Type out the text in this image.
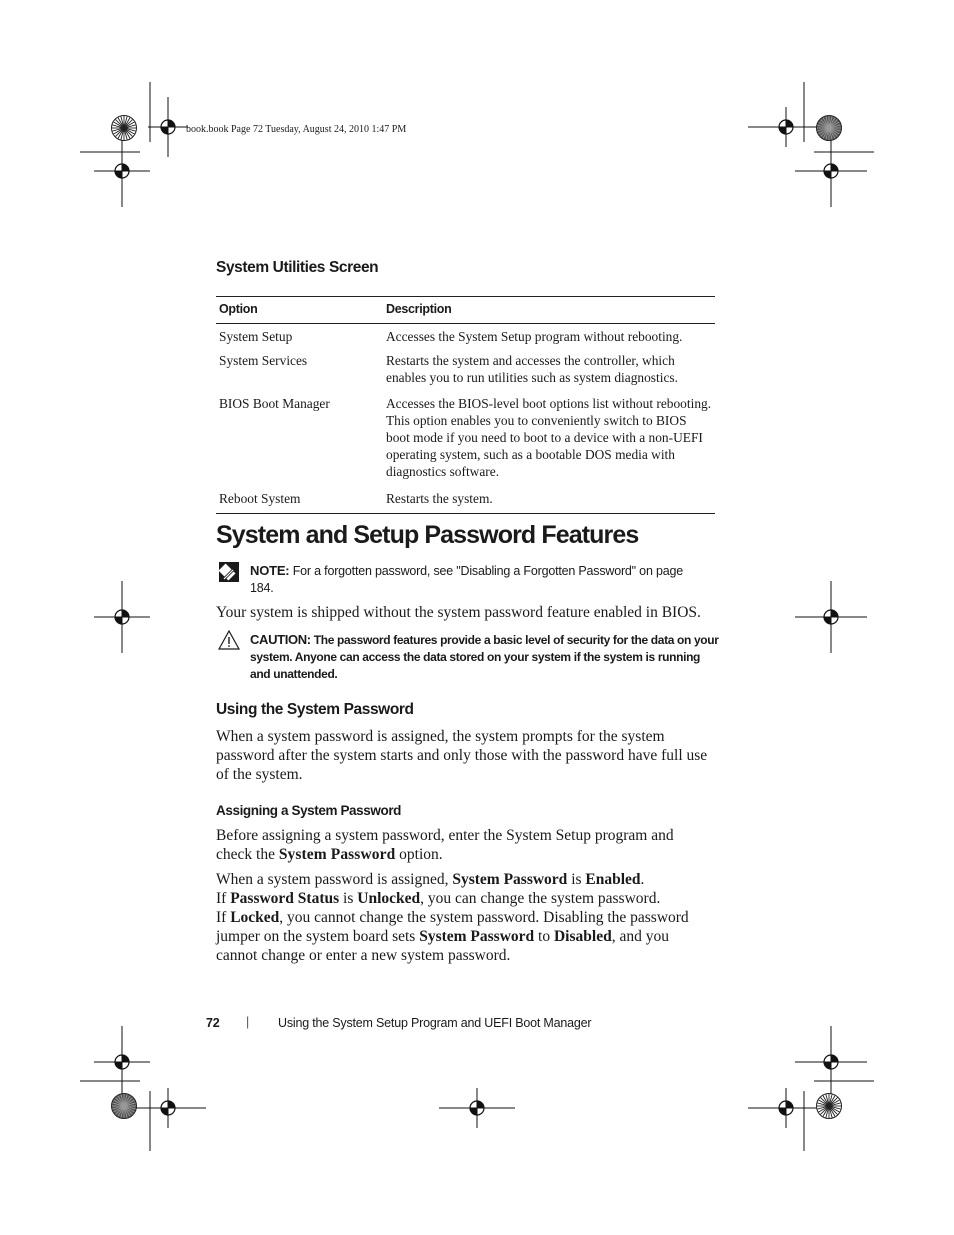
book.book Page 72 Tuesday, August 24, 2010 1:47 PM
System Utilities Screen
Option	Description
System Setup	Accesses the System Setup program without rebooting.
System Services	Restarts the system and accesses the controller, which enables you to run utilities such as system diagnostics.
BIOS Boot Manager	Accesses the BIOS-level boot options list without rebooting. This option enables you to conveniently switch to BIOS boot mode if you need to boot to a device with a non-UEFI operating system, such as a bootable DOS media with diagnostics software.
Reboot System	Restarts the system.
System and Setup Password Features
NOTE: For a forgotten password, see "Disabling a Forgotten Password" on page 184.
Your system is shipped without the system password feature enabled in BIOS.
CAUTION: The password features provide a basic level of security for the data on your system. Anyone can access the data stored on your system if the system is running and unattended.
Using the System Password
When a system password is assigned, the system prompts for the system password after the system starts and only those with the password have full use of the system.
Assigning a System Password

Before assigning a system password, enter the System Setup program and check the System Password option.

When a system password is assigned, System Password is Enabled.

If Password Status is Unlocked, you can change the system password.

If Locked, you cannot change the system password. Disabling the password jumper on the system board sets System Password to Disabled, and you cannot change or enter a new system password.

72 | Using the System Setup Program and UEFI Boot Manager
